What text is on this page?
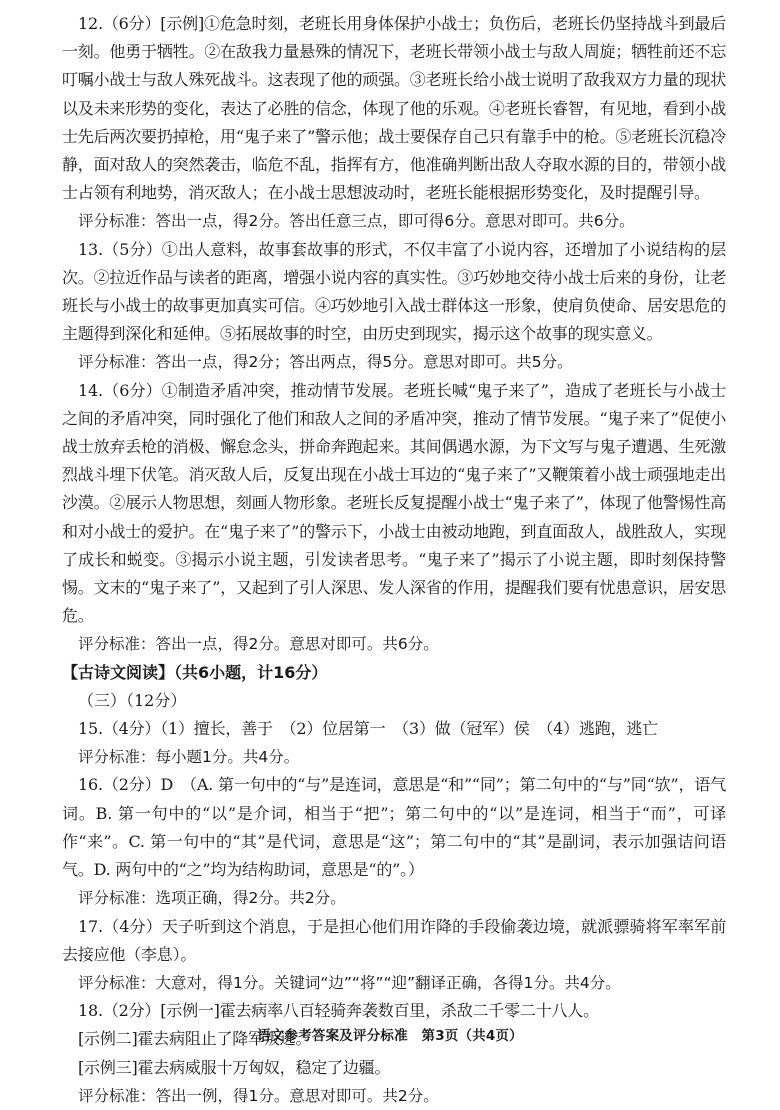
12.（6分）[示例]①危急时刻，老班长用身体保护小战士；负伤后，老班长仍坚持战斗到最后一刻。他勇于牺牲。②在敌我力量悬殊的情况下，老班长带领小战士与敌人周旋；牺牲前还不忘叮嘱小战士与敌人殊死战斗。这表现了他的顽强。③老班长给小战士说明了敌我双方力量的现状以及未来形势的变化，表达了必胜的信念，体现了他的乐观。④老班长睿智，有见地，看到小战士先后两次要扔掉枪，用“鬼子来了”警示他；战士要保存自己只有靠手中的枪。⑤老班长沉稳冷静，面对敌人的突然袭击，临危不乱，指挥有方，他准确判断出敌人夺取水源的目的，带领小战士占领有利地势，消灭敌人；在小战士思想波动时，老班长能根据形势变化，及时提醒引导。

评分标准：答出一点，得2分。答出任意三点，即可得6分。意思对即可。共6分。

13.（5分）①出人意料，故事套故事的形式，不仅丰富了小说内容，还增加了小说结构的层次。②拉近作品与读者的距离，增强小说内容的真实性。③巧妙地交待小战士后来的身份，让老班长与小战士的故事更加真实可信。④巧妙地引入战士群体这一形象，使肩负使命、居安思危的主题得到深化和延伸。⑤拓展故事的时空，由历史到现实，揭示这个故事的现实意义。

评分标准：答出一点，得2分；答出两点，得5分。意思对即可。共5分。

14.（6分）①制造矛盾冲突，推动情节发展。老班长喊“鬼子来了”，造成了老班长与小战士之间的矛盾冲突，同时强化了他们和敌人之间的矛盾冲突，推动了情节发展。“鬼子来了”促使小战士放弃丢枪的消极、懈怠念头，拼命奔跑起来。其间偶遇水源，为下文写与鬼子遭遇、生死激烈战斗埋下伏笔。消灭敌人后，反复出现在小战士耳边的“鬼子来了”又鞭策着小战士顽强地走出沙漠。②展示人物思想，刻画人物形象。老班长反复提醒小战士“鬼子来了”，体现了他警惕性高和对小战士的爱护。在“鬼子来了”的警示下，小战士由被动地跑，到直面敌人，战胜敌人，实现了成长和蜕变。③揭示小说主题，引发读者思考。“鬼子来了”揭示了小说主题，即时刻保持警惕。文末的“鬼子来了”，又起到了引人深思、发人深省的作用，提醒我们要有忧患意识，居安思危。

评分标准：答出一点，得2分。意思对即可。共6分。

【古诗文阅读】（共6小题，计16分）

（三）（12分）

15.（4分）（1）擅长，善于　（2）位居第一　（3）做（冠军）侯　（4）逃跑，逃亡

评分标准：每小题1分。共4分。

16.（2分）D　（A. 第一句中的“与”是连词，意思是“和”“同”；第二句中的“与”同“欤”，语气词。B. 第一句中的“以”是介词，相当于“把”；第二句中的“以”是连词，相当于“而”，可译作“来”。C. 第一句中的“其”是代词，意思是“这”；第二句中的“其”是副词，表示加强诘问语气。D. 两句中的“之”均为结构助词，意思是“的”。）

评分标准：选项正确，得2分。共2分。

17.（4分）天子听到这个消息，于是担心他们用诈降的手段偷袭边境，就派骠骑将军率军前去接应他（李息）。

评分标准：大意对，得1分。关键词“边”“将”“迎”翻译正确，各得1分。共4分。

18.（2分）[示例一]霍去病率八百轻骑奔袭数百里，杀敌二千零二十八人。

[示例二]霍去病阻止了降军叛逃。

[示例三]霍去病威服十万匈奴，稳定了边疆。

评分标准：答出一例，得1分。意思对即可。共2分。

语文参考答案及评分标准　第3页（共4页）
